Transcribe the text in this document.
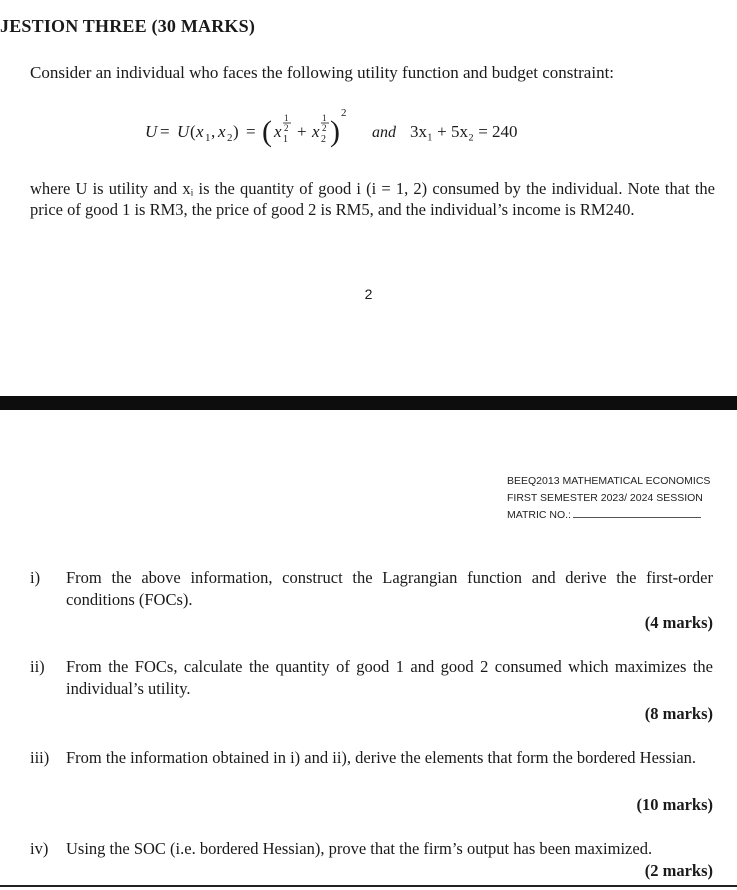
JESTION THREE (30 MARKS)
Consider an individual who faces the following utility function and budget constraint:
U = U ( x 1 , x 2 ) = ( x 1
1
2 + x 2
1
2 )
2
and 3x₁ + 5x₂ = 240
where U is utility and xᵢ is the quantity of good i (i = 1, 2) consumed by the individual. Note that the price of good 1 is RM3, the price of good 2 is RM5, and the individual’s income is RM240.
2
BEEQ2013 MATHEMATICAL ECONOMICS
FIRST SEMESTER 2023/ 2024 SESSION
MATRIC NO.:
i) From the above information, construct the Lagrangian function and derive the first-order conditions (FOCs).
(4 marks)
ii) From the FOCs, calculate the quantity of good 1 and good 2 consumed which maximizes the individual’s utility.
(8 marks)
iii) From the information obtained in i) and ii), derive the elements that form the bordered Hessian.
(10 marks)
iv) Using the SOC (i.e. bordered Hessian), prove that the firm’s output has been maximized.
(2 marks)
